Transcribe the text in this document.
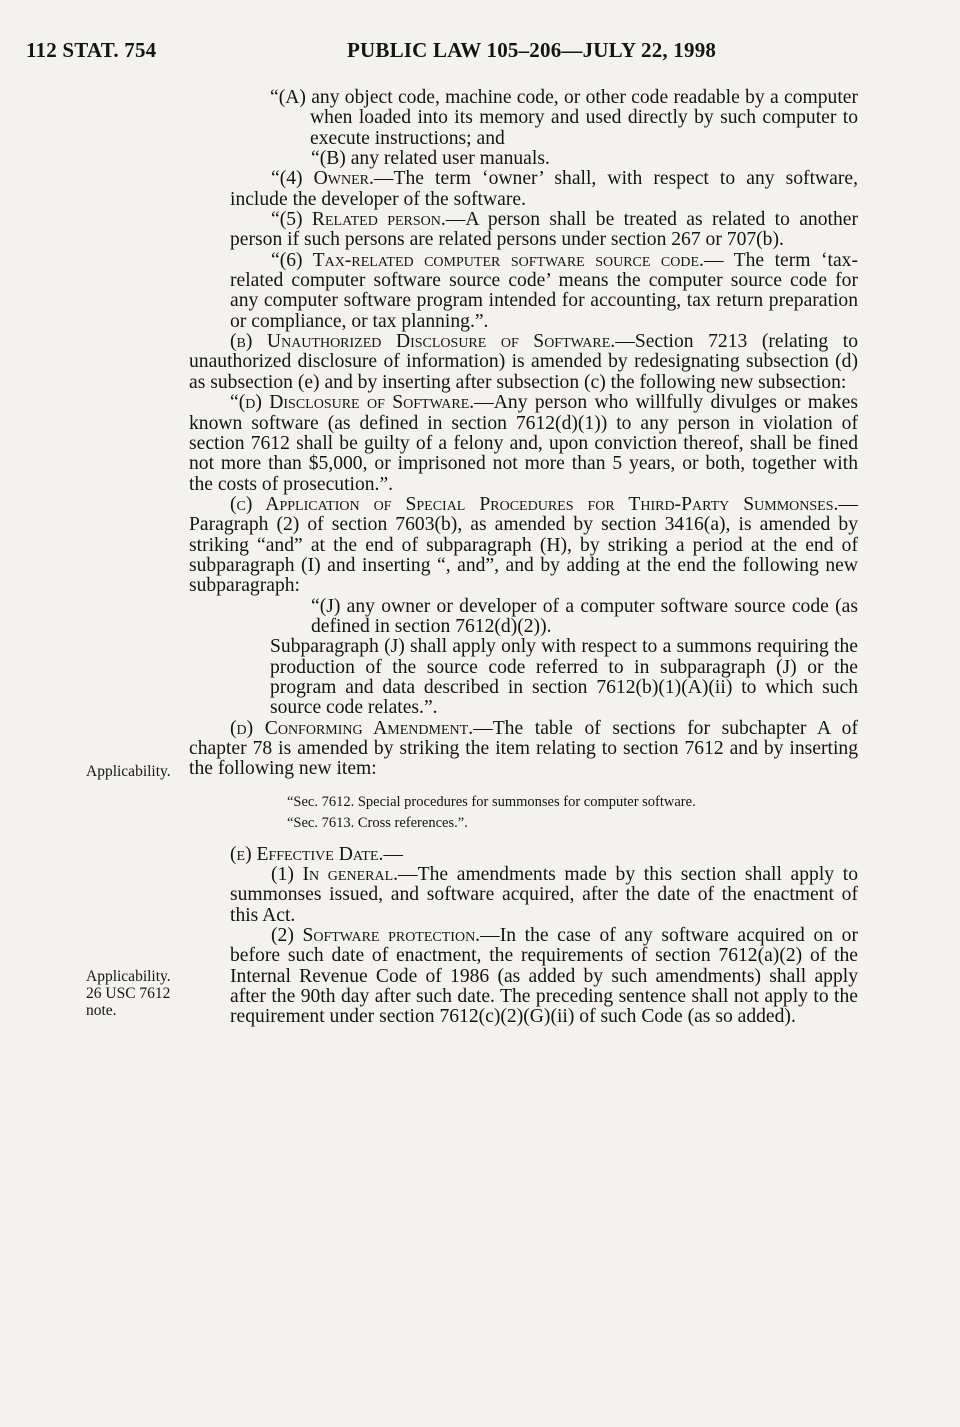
112 STAT. 754	PUBLIC LAW 105–206—JULY 22, 1998
Applicability.
Applicability.
26 USC 7612
note.

“(A) any object code, machine code, or other code readable by a computer when loaded into its memory and used directly by such computer to execute instructions; and

“(B) any related user manuals.

“(4) Owner.—The term ‘owner’ shall, with respect to any software, include the developer of the software.

“(5) Related person.—A person shall be treated as related to another person if such persons are related persons under section 267 or 707(b).

“(6) Tax-related computer software source code.— The term ‘tax-related computer software source code’ means the computer source code for any computer software program intended for accounting, tax return preparation or compliance, or tax planning.”.

(b) Unauthorized Disclosure of Software.—Section 7213 (relating to unauthorized disclosure of information) is amended by redesignating subsection (d) as subsection (e) and by inserting after subsection (c) the following new subsection:

“(d) Disclosure of Software.—Any person who willfully divulges or makes known software (as defined in section 7612(d)(1)) to any person in violation of section 7612 shall be guilty of a felony and, upon conviction thereof, shall be fined not more than $5,000, or imprisoned not more than 5 years, or both, together with the costs of prosecution.”.

(c) Application of Special Procedures for Third-Party Summonses.—Paragraph (2) of section 7603(b), as amended by section 3416(a), is amended by striking “and” at the end of subparagraph (H), by striking a period at the end of subparagraph (I) and inserting “, and”, and by adding at the end the following new subparagraph:

“(J) any owner or developer of a computer software source code (as defined in section 7612(d)(2)).

Subparagraph (J) shall apply only with respect to a summons requiring the production of the source code referred to in subparagraph (J) or the program and data described in section 7612(b)(1)(A)(ii) to which such source code relates.”.

(d) Conforming Amendment.—The table of sections for subchapter A of chapter 78 is amended by striking the item relating to section 7612 and by inserting the following new item:

“Sec. 7612. Special procedures for summonses for computer software.

“Sec. 7613. Cross references.”.

(e) Effective Date.—

(1) In general.—The amendments made by this section shall apply to summonses issued, and software acquired, after the date of the enactment of this Act.

(2) Software protection.—In the case of any software acquired on or before such date of enactment, the requirements of section 7612(a)(2) of the Internal Revenue Code of 1986 (as added by such amendments) shall apply after the 90th day after such date. The preceding sentence shall not apply to the requirement under section 7612(c)(2)(G)(ii) of such Code (as so added).
